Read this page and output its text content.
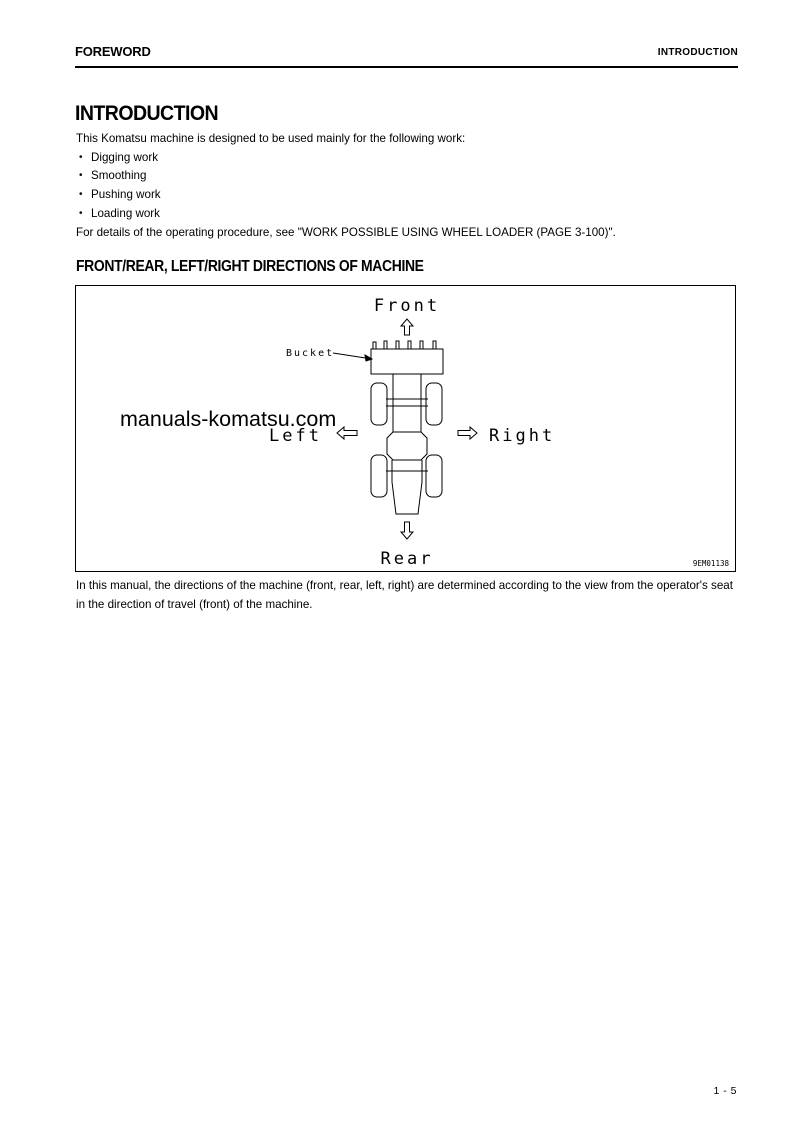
FOREWORD	INTRODUCTION
INTRODUCTION

This Komatsu machine is designed to be used mainly for the following work:

• Digging work
• Smoothing
• Pushing work
• Loading work

For details of the operating procedure, see "WORK POSSIBLE USING WHEEL LOADER (PAGE 3-100)".

FRONT/REAR, LEFT/RIGHT DIRECTIONS OF MACHINE
Front
Bucket
Left	Right
Rear	9EM01138
manuals-komatsu.com

In this manual, the directions of the machine (front, rear, left, right) are determined according to the view from the operator's seat in the direction of travel (front) of the machine.

1 - 5
